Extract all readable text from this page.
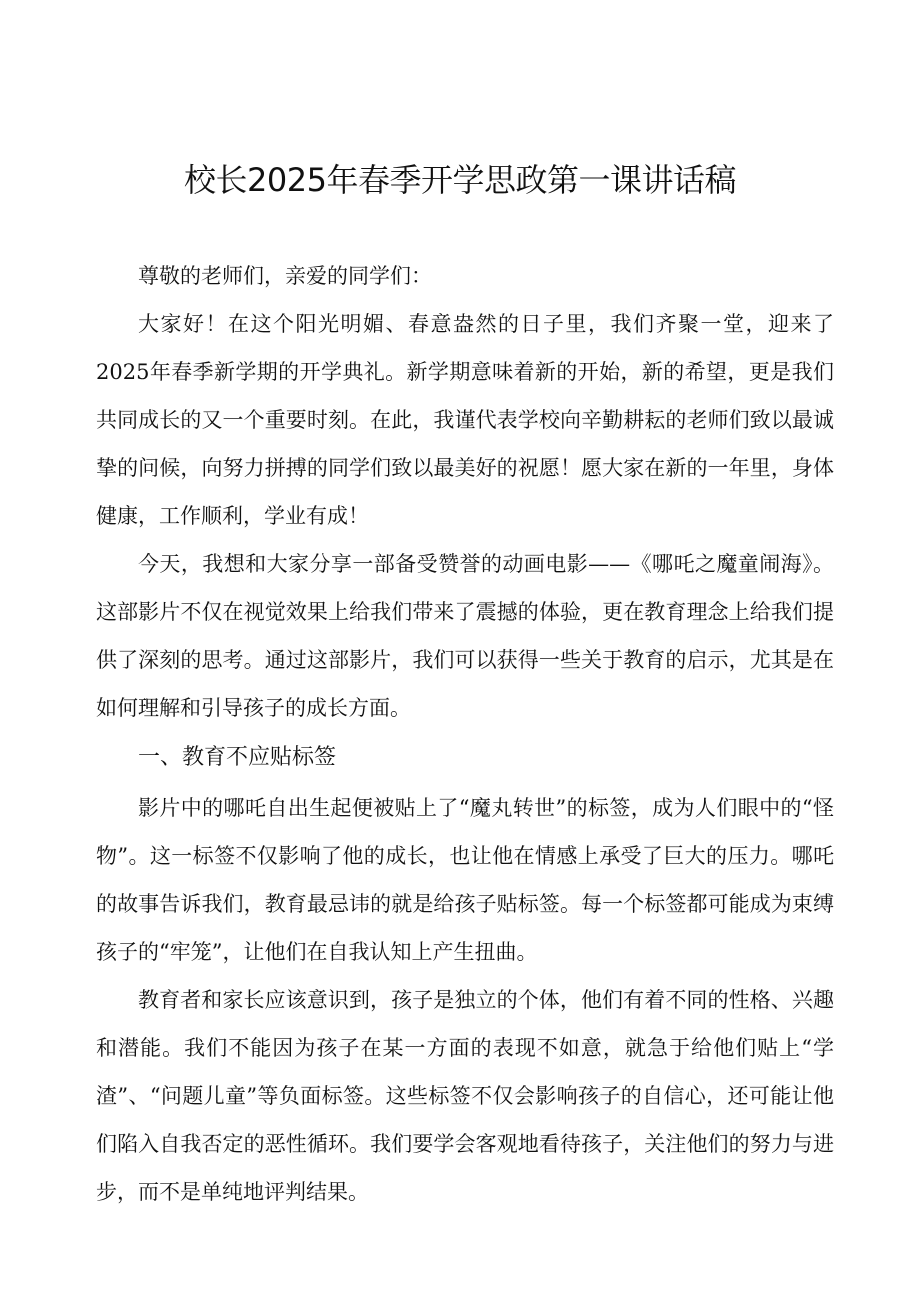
校长2025年春季开学思政第一课讲话稿

尊敬的老师们，亲爱的同学们：

大家好！在这个阳光明媚、春意盎然的日子里，我们齐聚一堂，迎来了2025年春季新学期的开学典礼。新学期意味着新的开始，新的希望，更是我们共同成长的又一个重要时刻。在此，我谨代表学校向辛勤耕耘的老师们致以最诚挚的问候，向努力拼搏的同学们致以最美好的祝愿！愿大家在新的一年里，身体健康，工作顺利，学业有成！

今天，我想和大家分享一部备受赞誉的动画电影——《哪吒之魔童闹海》。这部影片不仅在视觉效果上给我们带来了震撼的体验，更在教育理念上给我们提供了深刻的思考。通过这部影片，我们可以获得一些关于教育的启示，尤其是在如何理解和引导孩子的成长方面。

一、教育不应贴标签

影片中的哪吒自出生起便被贴上了“魔丸转世”的标签，成为人们眼中的“怪物”。这一标签不仅影响了他的成长，也让他在情感上承受了巨大的压力。哪吒的故事告诉我们，教育最忌讳的就是给孩子贴标签。每一个标签都可能成为束缚孩子的“牢笼”，让他们在自我认知上产生扭曲。

教育者和家长应该意识到，孩子是独立的个体，他们有着不同的性格、兴趣和潜能。我们不能因为孩子在某一方面的表现不如意，就急于给他们贴上“学渣”、“问题儿童”等负面标签。这些标签不仅会影响孩子的自信心，还可能让他们陷入自我否定的恶性循环。我们要学会客观地看待孩子，关注他们的努力与进步，而不是单纯地评判结果。
